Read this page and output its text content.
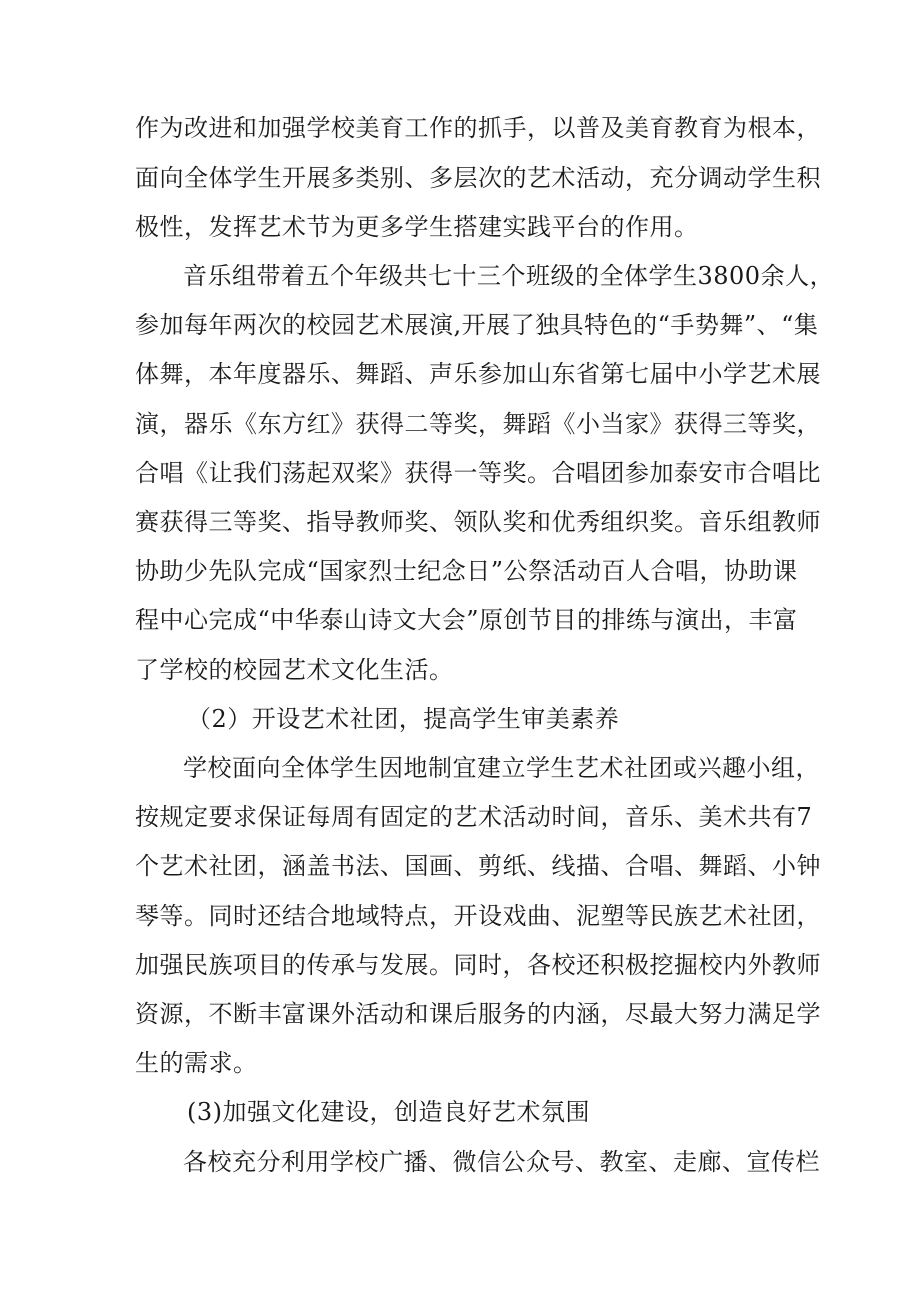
作为改进和加强学校美育工作的抓手，以普及美育教育为根本，
面向全体学生开展多类别、多层次的艺术活动，充分调动学生积
极性，发挥艺术节为更多学生搭建实践平台的作用。
音乐组带着五个年级共七十三个班级的全体学生3800余人，
参加每年两次的校园艺术展演,开展了独具特色的“手势舞”、“集
体舞，本年度器乐、舞蹈、声乐参加山东省第七届中小学艺术展
演，器乐《东方红》获得二等奖，舞蹈《小当家》获得三等奖，
合唱《让我们荡起双桨》获得一等奖。合唱团参加泰安市合唱比
赛获得三等奖、指导教师奖、领队奖和优秀组织奖。音乐组教师
协助少先队完成“国家烈士纪念日”公祭活动百人合唱，协助课
程中心完成“中华泰山诗文大会”原创节目的排练与演出，丰富
了学校的校园艺术文化生活。
（2）开设艺术社团，提高学生审美素养
学校面向全体学生因地制宜建立学生艺术社团或兴趣小组，
按规定要求保证每周有固定的艺术活动时间，音乐、美术共有7
个艺术社团，涵盖书法、国画、剪纸、线描、合唱、舞蹈、小钟
琴等。同时还结合地域特点，开设戏曲、泥塑等民族艺术社团，
加强民族项目的传承与发展。同时，各校还积极挖掘校内外教师
资源，不断丰富课外活动和课后服务的内涵，尽最大努力满足学
生的需求。
(3)加强文化建设，创造良好艺术氛围
各校充分利用学校广播、微信公众号、教室、走廊、宣传栏
